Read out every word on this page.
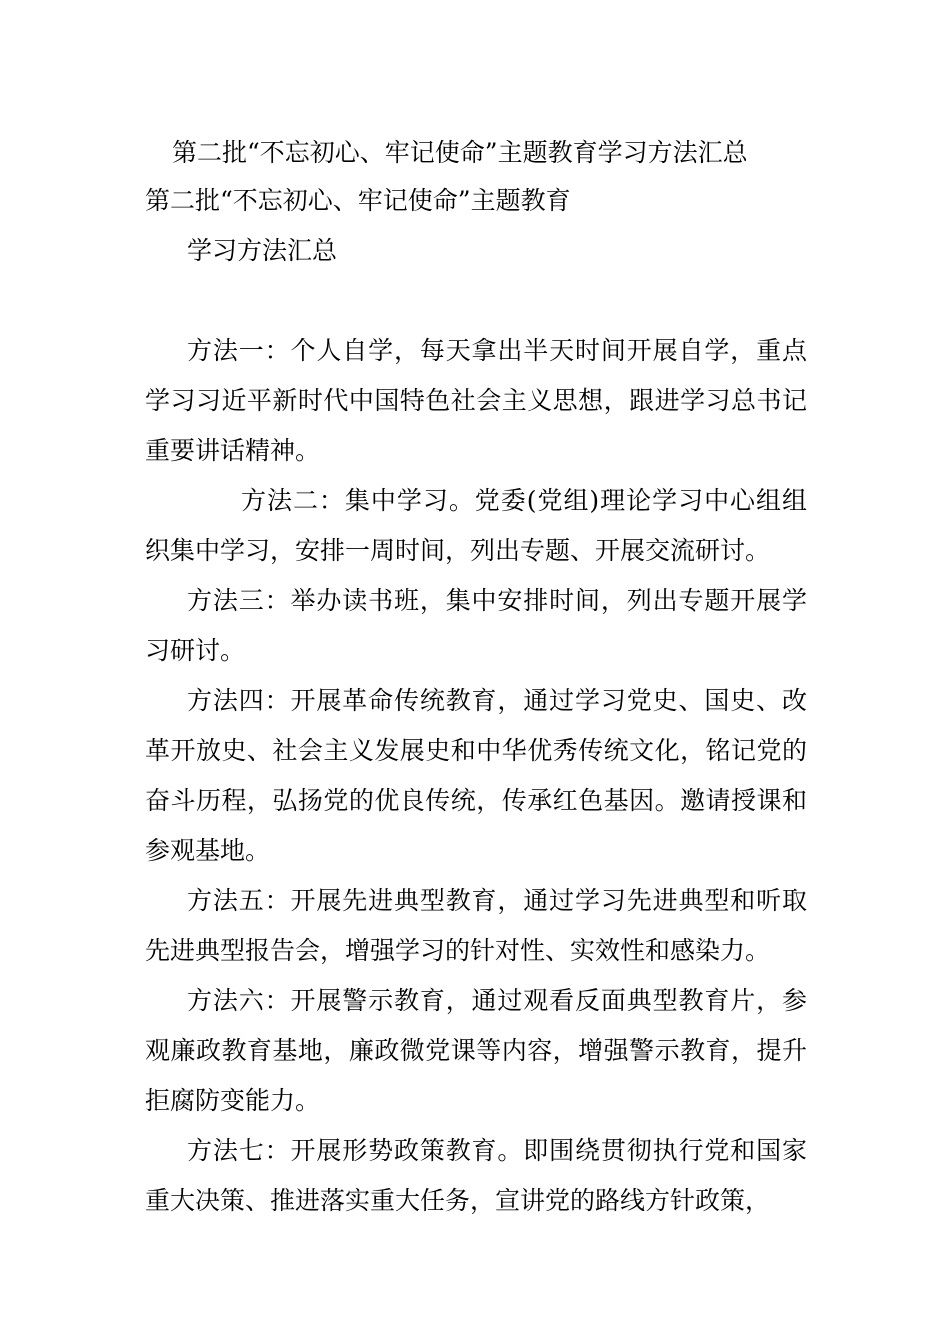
第二批“不忘初心、牢记使命”主题教育学习方法汇总
第二批“不忘初心、牢记使命”主题教育
学习方法汇总

方法一：个人自学，每天拿出半天时间开展自学，重点学习习近平新时代中国特色社会主义思想，跟进学习总书记重要讲话精神。

方法二：集中学习。党委(党组)理论学习中心组组织集中学习，安排一周时间，列出专题、开展交流研讨。

方法三：举办读书班，集中安排时间，列出专题开展学习研讨。

方法四：开展革命传统教育，通过学习党史、国史、改革开放史、社会主义发展史和中华优秀传统文化，铭记党的奋斗历程，弘扬党的优良传统，传承红色基因。邀请授课和参观基地。

方法五：开展先进典型教育，通过学习先进典型和听取先进典型报告会，增强学习的针对性、实效性和感染力。

方法六：开展警示教育，通过观看反面典型教育片，参观廉政教育基地，廉政微党课等内容，增强警示教育，提升拒腐防变能力。

方法七：开展形势政策教育。即围绕贯彻执行党和国家重大决策、推进落实重大任务，宣讲党的路线方针政策，
